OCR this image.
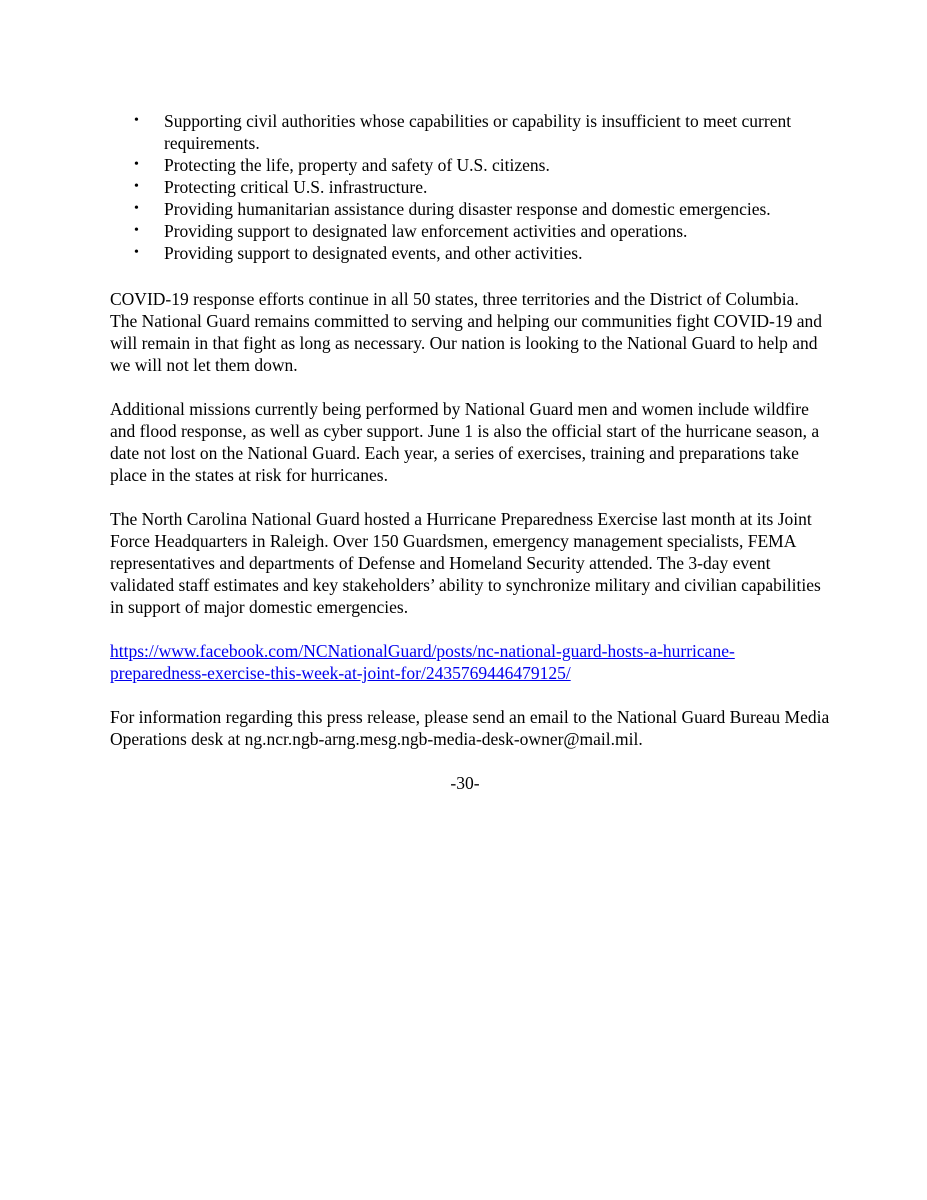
• Supporting civil authorities whose capabilities or capability is insufficient to meet current requirements.
• Protecting the life, property and safety of U.S. citizens.
• Protecting critical U.S. infrastructure.
• Providing humanitarian assistance during disaster response and domestic emergencies.
• Providing support to designated law enforcement activities and operations.
• Providing support to designated events, and other activities.

COVID-19 response efforts continue in all 50 states, three territories and the District of Columbia. The National Guard remains committed to serving and helping our communities fight COVID-19 and will remain in that fight as long as necessary. Our nation is looking to the National Guard to help and we will not let them down.

Additional missions currently being performed by National Guard men and women include wildfire and flood response, as well as cyber support. June 1 is also the official start of the hurricane season, a date not lost on the National Guard. Each year, a series of exercises, training and preparations take place in the states at risk for hurricanes.

The North Carolina National Guard hosted a Hurricane Preparedness Exercise last month at its Joint Force Headquarters in Raleigh. Over 150 Guardsmen, emergency management specialists, FEMA representatives and departments of Defense and Homeland Security attended. The 3-day event validated staff estimates and key stakeholders’ ability to synchronize military and civilian capabilities in support of major domestic emergencies.

https://www.facebook.com/NCNationalGuard/posts/nc-national-guard-hosts-a-hurricane-preparedness-exercise-this-week-at-joint-for/2435769446479125/

For information regarding this press release, please send an email to the National Guard Bureau Media Operations desk at ng.ncr.ngb-arng.mesg.ngb-media-desk-owner@mail.mil.

-30-
